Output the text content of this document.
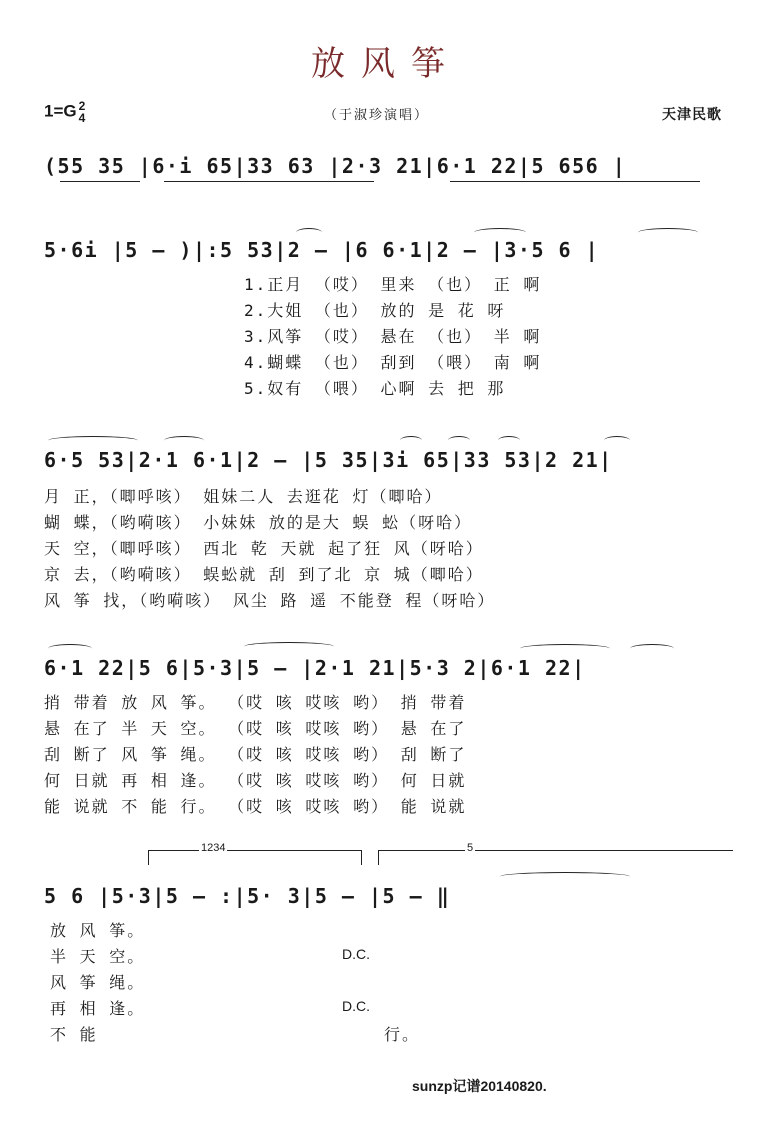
放风筝
1=G 2
4	（于淑珍演唱）	天津民歌
(55 35 |6·i 65|33 63 |2·3 21|6·1 22|5 656 |
5·6i |5 – )|:5 53|2 – |6 6·1|2 – |3·5 6 |
1.正月 （哎） 里来 （也） 正 啊
2.大姐 （也） 放的 是 花 呀
3.风筝 （哎） 悬在 （也） 半 啊
4.蝴蝶 （也） 刮到 （喂） 南 啊
5.奴有 （喂） 心啊 去 把 那
6·5 53|2·1 6·1|2 – |5 35|3i 65|33 53|2 21|
月 正，（唧呼咳） 姐妹二人 去逛花 灯（唧哈）
蝴 蝶，（哟嗬咳） 小妹妹 放的是大 蜈 蚣（呀哈）
天 空，（唧呼咳） 西北 乾 天就 起了狂 风（呀哈）
京 去，（哟嗬咳） 蜈蚣就 刮 到了北 京 城（唧哈）
风 筝 找，（哟嗬咳） 风尘 路 遥 不能登 程（呀哈）
6·1 22|5 6|5·3|5 – |2·1 21|5·3 2|6·1 22|
捎 带着 放 风 筝。 （哎 咳 哎咳 哟） 捎 带着
悬 在了 半 天 空。 （哎 咳 哎咳 哟） 悬 在了
刮 断了 风 筝 绳。 （哎 咳 哎咳 哟） 刮 断了
何 日就 再 相 逢。 （哎 咳 哎咳 哟） 何 日就
能 说就 不 能 行。 （哎 咳 哎咳 哟） 能 说就
1234	5
5 6 |5·3|5 – :|5· 3|5 – |5 – ‖
放 风 筝。
半 天 空。
风 筝 绳。
再 相 逢。
不 能
D.C.
D.C.
行。
sunzp记谱20140820.
